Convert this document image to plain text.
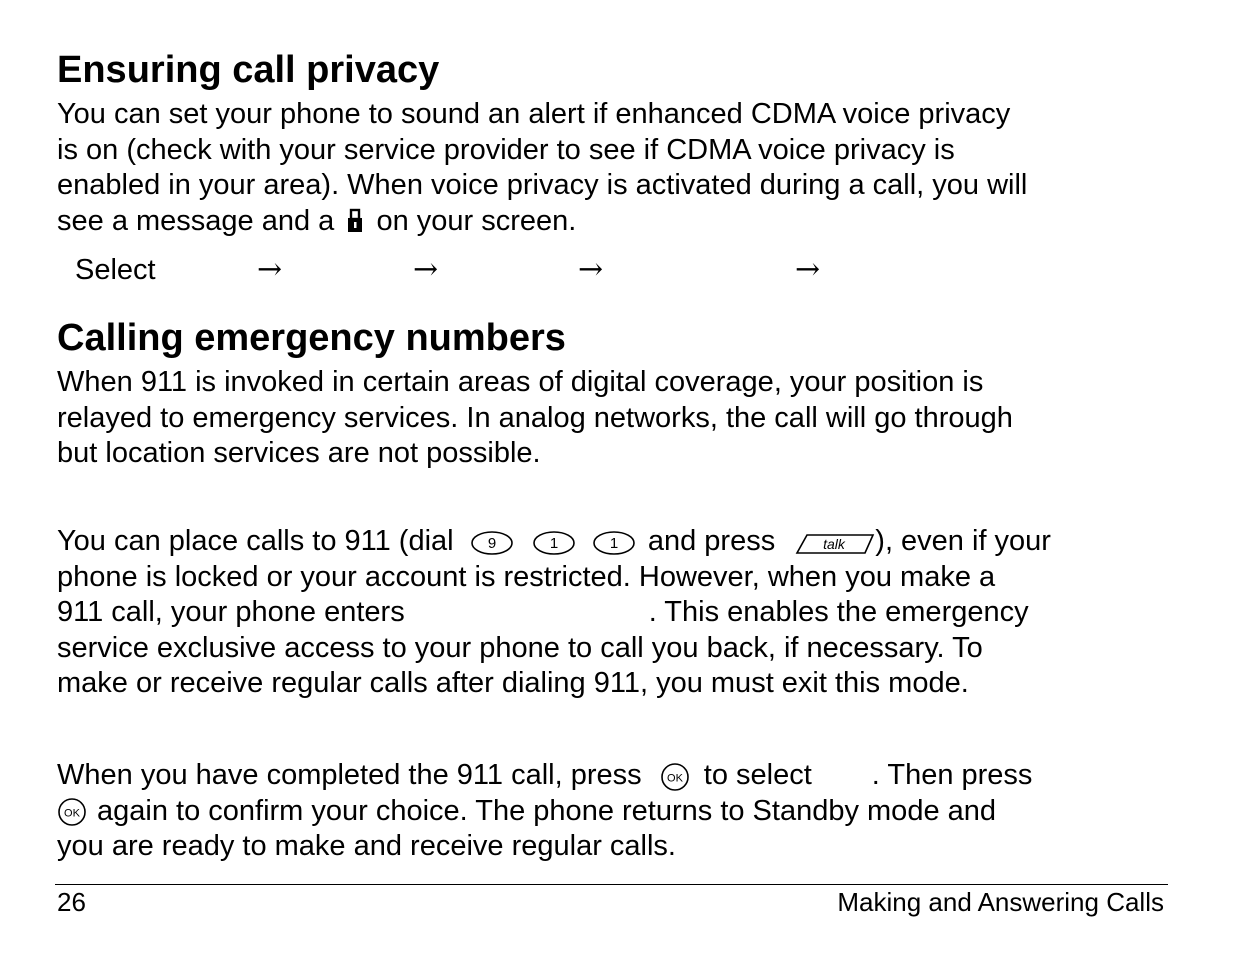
Ensuring call privacy
You can set your phone to sound an alert if enhanced CDMA voice privacy
is on (check with your service provider to see if CDMA voice privacy is
enabled in your area). When voice privacy is activated during a call, you will
see a message and a on your screen.
Select	→	→	→	→
Calling emergency numbers
When 911 is invoked in certain areas of digital coverage, your position is
relayed to emergency services. In analog networks, the call will go through
but location services are not possible.
You can place calls to 911 (dial 9
	1
	1 and press	talk ), even if your
phone is locked or your account is restricted. However, when you make a
911 call, your phone enters	. This enables the emergency
service exclusive access to your phone to call you back, if necessary. To
make or receive regular calls after dialing 911, you must exit this mode.
When you have completed the 911 call, press OK to select . Then press
OK again to confirm your choice. The phone returns to Standby mode and
you are ready to make and receive regular calls.
26	Making and Answering Calls
